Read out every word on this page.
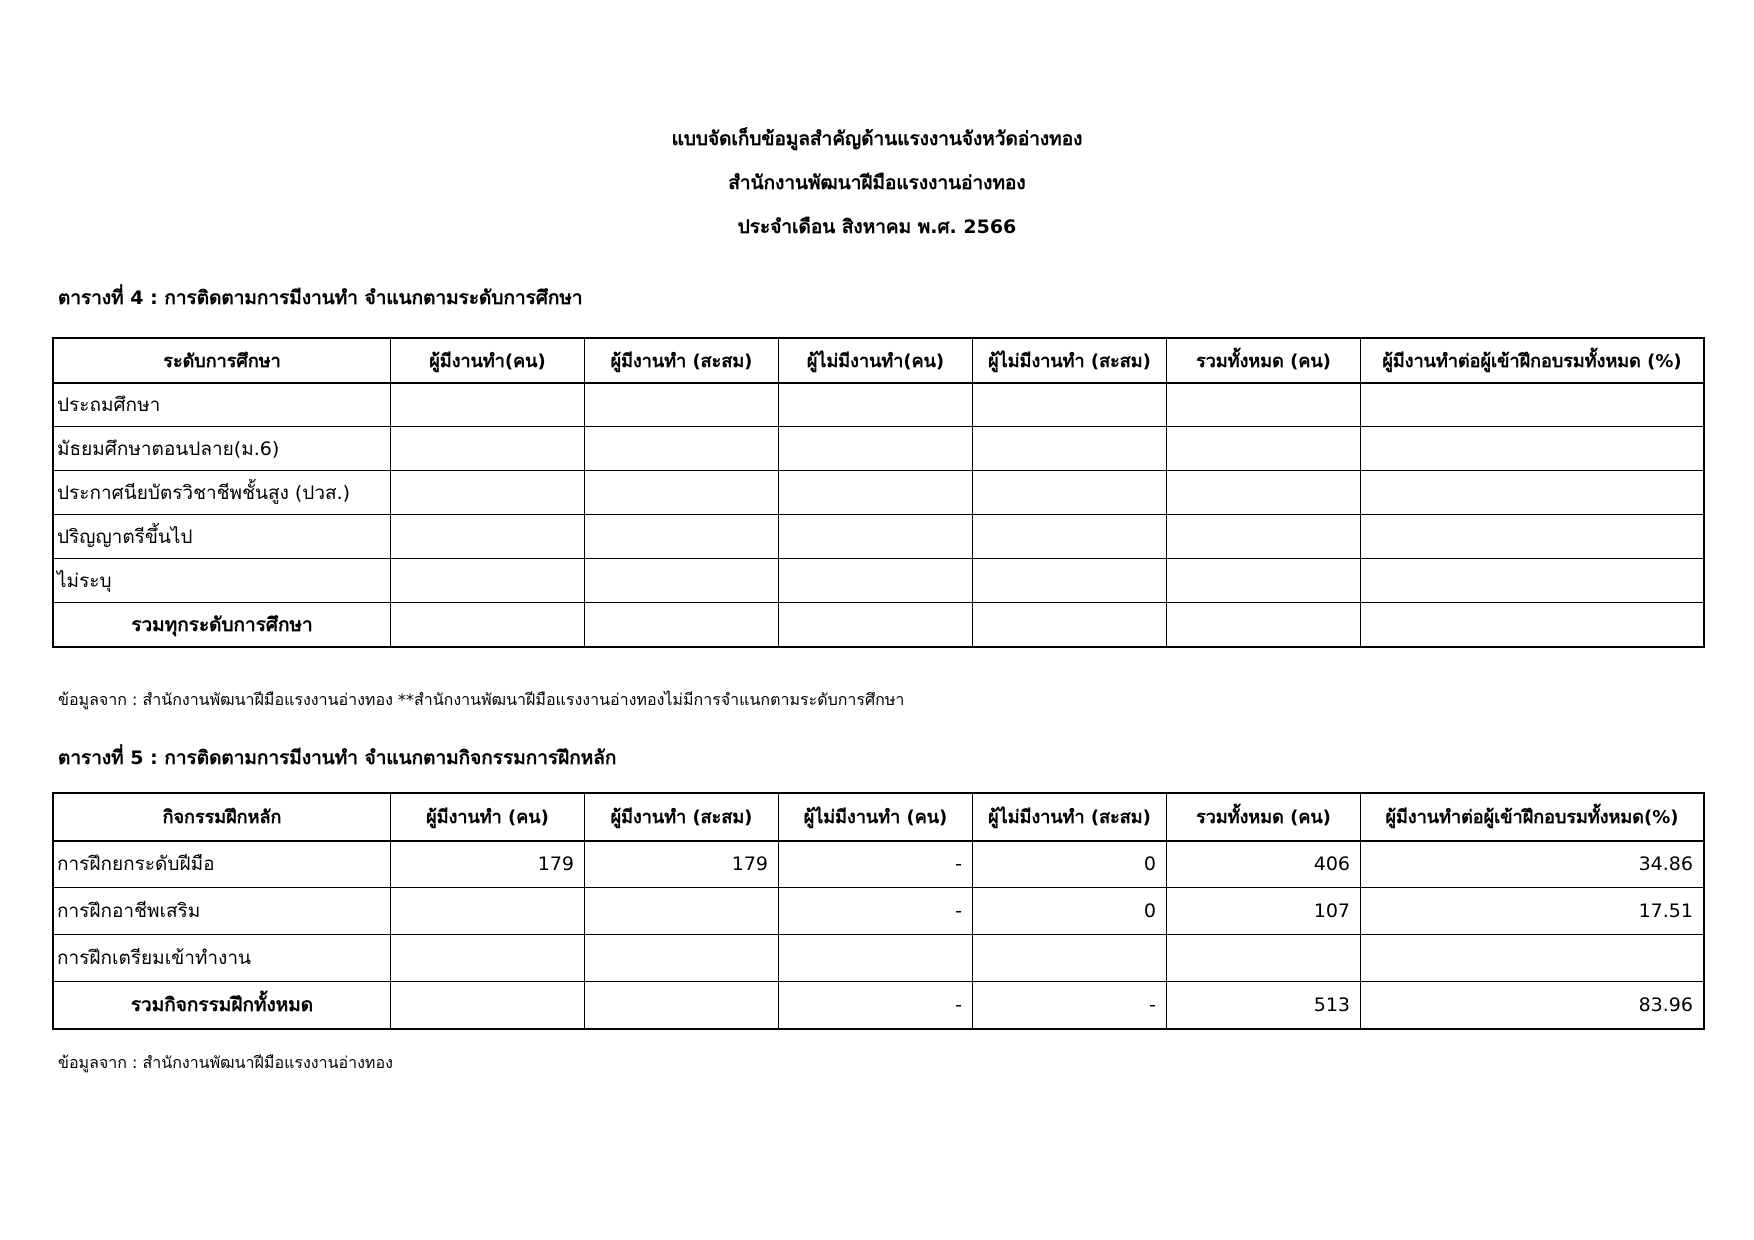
แบบจัดเก็บข้อมูลสำคัญด้านแรงงานจังหวัดอ่างทอง
สำนักงานพัฒนาฝีมือแรงงานอ่างทอง
ประจำเดือน สิงหาคม พ.ศ. 2566
ตารางที่ 4 : การติดตามการมีงานทำ จำแนกตามระดับการศึกษา
ระดับการศึกษา	ผู้มีงานทำ(คน)	ผู้มีงานทำ (สะสม)	ผู้ไม่มีงานทำ(คน)	ผู้ไม่มีงานทำ (สะสม)	รวมทั้งหมด (คน)	ผู้มีงานทำต่อผู้เข้าฝึกอบรมทั้งหมด (%)
ประถมศึกษา						
มัธยมศึกษาตอนปลาย(ม.6)						
ประกาศนียบัตรวิชาชีพชั้นสูง (ปวส.)						
ปริญญาตรีขึ้นไป						
ไม่ระบุ						
รวมทุกระดับการศึกษา						
ข้อมูลจาก : สำนักงานพัฒนาฝีมือแรงงานอ่างทอง **สำนักงานพัฒนาฝีมือแรงงานอ่างทองไม่มีการจำแนกตามระดับการศึกษา
ตารางที่ 5 : การติดตามการมีงานทำ จำแนกตามกิจกรรมการฝึกหลัก
กิจกรรมฝึกหลัก	ผู้มีงานทำ (คน)	ผู้มีงานทำ (สะสม)	ผู้ไม่มีงานทำ (คน)	ผู้ไม่มีงานทำ (สะสม)	รวมทั้งหมด (คน)	ผู้มีงานทำต่อผู้เข้าฝึกอบรมทั้งหมด(%)
การฝึกยกระดับฝีมือ	179	179	-	0	406	34.86
การฝึกอาชีพเสริม			-	0	107	17.51
การฝึกเตรียมเข้าทำงาน						
รวมกิจกรรมฝึกทั้งหมด			-	-	513	83.96
ข้อมูลจาก : สำนักงานพัฒนาฝีมือแรงงานอ่างทอง
